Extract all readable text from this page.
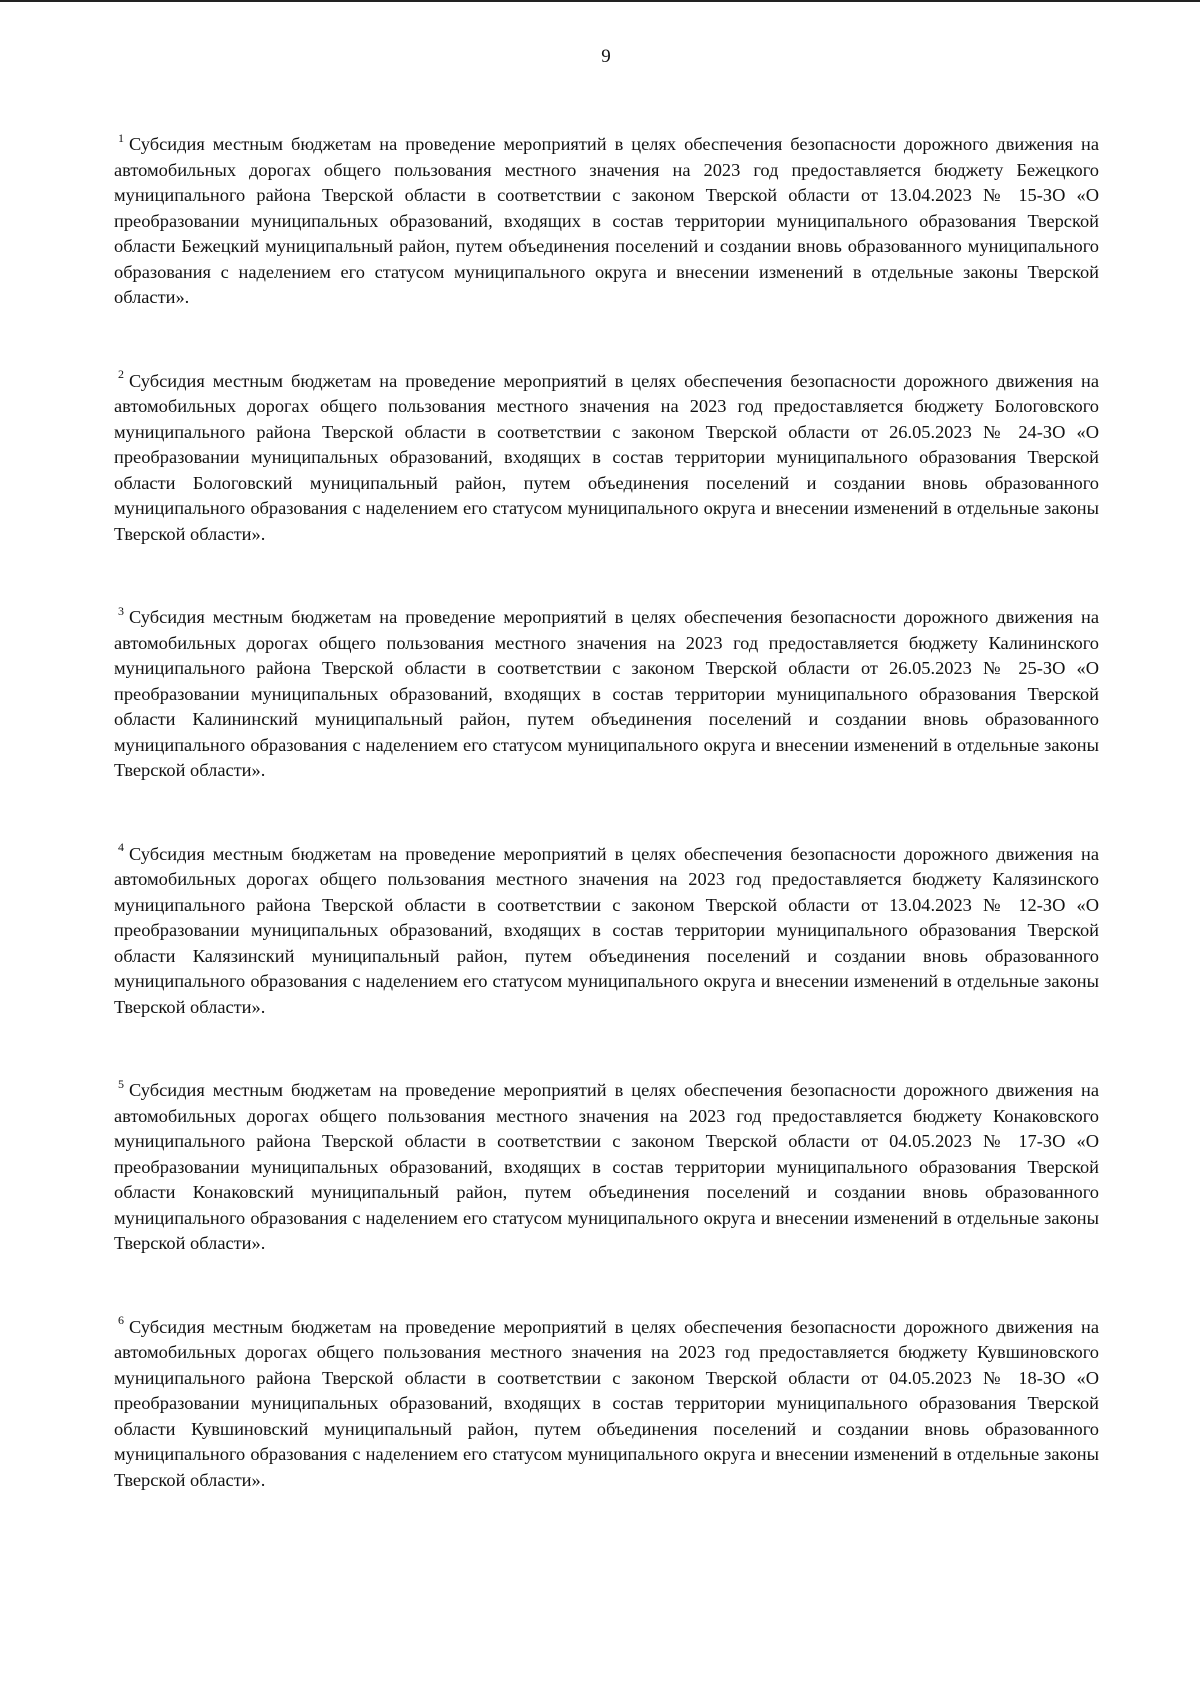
9

$^1$ Субсидия местным бюджетам на проведение мероприятий в целях обеспечения безопасности дорожного движения на автомобильных дорогах общего пользования местного значения на 2023 год предоставляется бюджету Бежецкого муниципального района Тверской области в соответствии с законом Тверской области от 13.04.2023 № 15-ЗО «О преобразовании муниципальных образований, входящих в состав территории муниципального образования Тверской области Бежецкий муниципальный район, путем объединения поселений и создании вновь образованного муниципального образования с наделением его статусом муниципального округа и внесении изменений в отдельные законы Тверской области».

$^2$ Субсидия местным бюджетам на проведение мероприятий в целях обеспечения безопасности дорожного движения на автомобильных дорогах общего пользования местного значения на 2023 год предоставляется бюджету Бологовского муниципального района Тверской области в соответствии с законом Тверской области от 26.05.2023 № 24-ЗО «О преобразовании муниципальных образований, входящих в состав территории муниципального образования Тверской области Бологовский муниципальный район, путем объединения поселений и создании вновь образованного муниципального образования с наделением его статусом муниципального округа и внесении изменений в отдельные законы Тверской области».

$^3$ Субсидия местным бюджетам на проведение мероприятий в целях обеспечения безопасности дорожного движения на автомобильных дорогах общего пользования местного значения на 2023 год предоставляется бюджету Калининского муниципального района Тверской области в соответствии с законом Тверской области от 26.05.2023 № 25-ЗО «О преобразовании муниципальных образований, входящих в состав территории муниципального образования Тверской области Калининский муниципальный район, путем объединения поселений и создании вновь образованного муниципального образования с наделением его статусом муниципального округа и внесении изменений в отдельные законы Тверской области».

$^4$ Субсидия местным бюджетам на проведение мероприятий в целях обеспечения безопасности дорожного движения на автомобильных дорогах общего пользования местного значения на 2023 год предоставляется бюджету Калязинского муниципального района Тверской области в соответствии с законом Тверской области от 13.04.2023 № 12-ЗО «О преобразовании муниципальных образований, входящих в состав территории муниципального образования Тверской области Калязинский муниципальный район, путем объединения поселений и создании вновь образованного муниципального образования с наделением его статусом муниципального округа и внесении изменений в отдельные законы Тверской области».

$^5$ Субсидия местным бюджетам на проведение мероприятий в целях обеспечения безопасности дорожного движения на автомобильных дорогах общего пользования местного значения на 2023 год предоставляется бюджету Конаковского муниципального района Тверской области в соответствии с законом Тверской области от 04.05.2023 № 17-ЗО «О преобразовании муниципальных образований, входящих в состав территории муниципального образования Тверской области Конаковский муниципальный район, путем объединения поселений и создании вновь образованного муниципального образования с наделением его статусом муниципального округа и внесении изменений в отдельные законы Тверской области».

$^6$ Субсидия местным бюджетам на проведение мероприятий в целях обеспечения безопасности дорожного движения на автомобильных дорогах общего пользования местного значения на 2023 год предоставляется бюджету Кувшиновского муниципального района Тверской области в соответствии с законом Тверской области от 04.05.2023 № 18-ЗО «О преобразовании муниципальных образований, входящих в состав территории муниципального образования Тверской области Кувшиновский муниципальный район, путем объединения поселений и создании вновь образованного муниципального образования с наделением его статусом муниципального округа и внесении изменений в отдельные законы Тверской области».
